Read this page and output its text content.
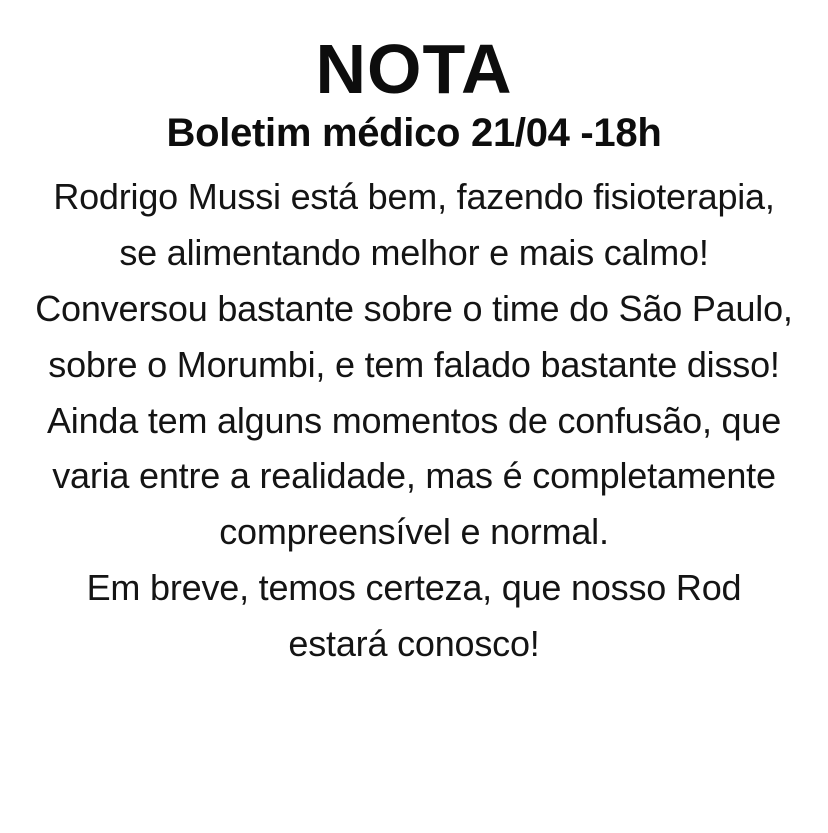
NOTA
Boletim médico 21/04 -18h

Rodrigo Mussi está bem, fazendo fisioterapia, se alimentando melhor e mais calmo!

Conversou bastante sobre o time do São Paulo, sobre o Morumbi, e tem falado bastante disso!

Ainda tem alguns momentos de confusão, que varia entre a realidade, mas é completamente compreensível e normal.

Em breve, temos certeza, que nosso Rod estará conosco!
